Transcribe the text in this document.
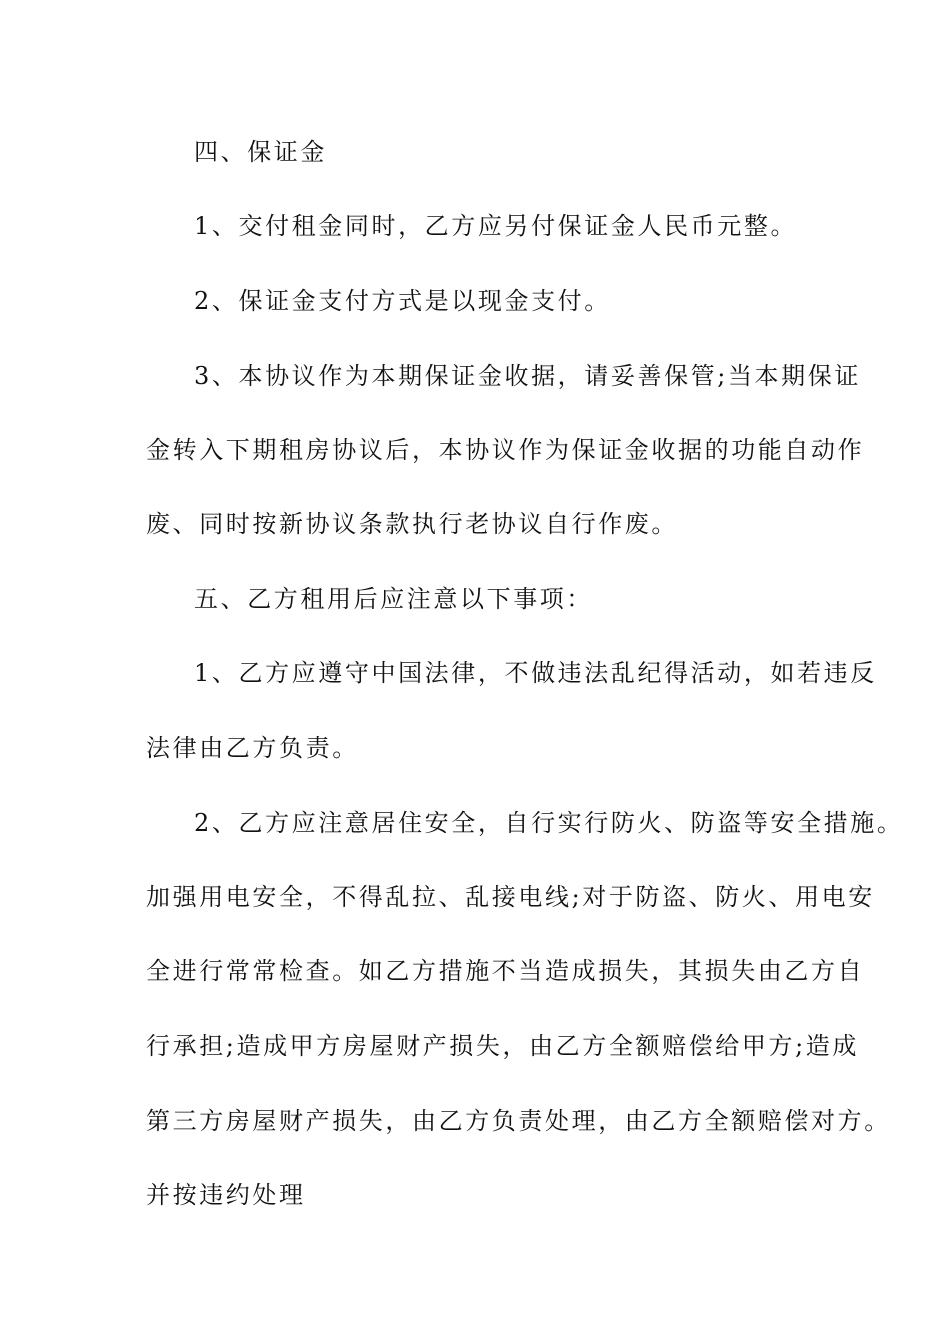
四、保证金
1、交付租金同时，乙方应另付保证金人民币元整。
2、保证金支付方式是以现金支付。
3、本协议作为本期保证金收据，请妥善保管;当本期保证
金转入下期租房协议后，本协议作为保证金收据的功能自动作
废、同时按新协议条款执行老协议自行作废。
五、乙方租用后应注意以下事项：
1、乙方应遵守中国法律，不做违法乱纪得活动，如若违反
法律由乙方负责。
2、乙方应注意居住安全，自行实行防火、防盗等安全措施。
加强用电安全，不得乱拉、乱接电线;对于防盗、防火、用电安
全进行常常检查。如乙方措施不当造成损失，其损失由乙方自
行承担;造成甲方房屋财产损失，由乙方全额赔偿给甲方;造成
第三方房屋财产损失，由乙方负责处理，由乙方全额赔偿对方。
并按违约处理
